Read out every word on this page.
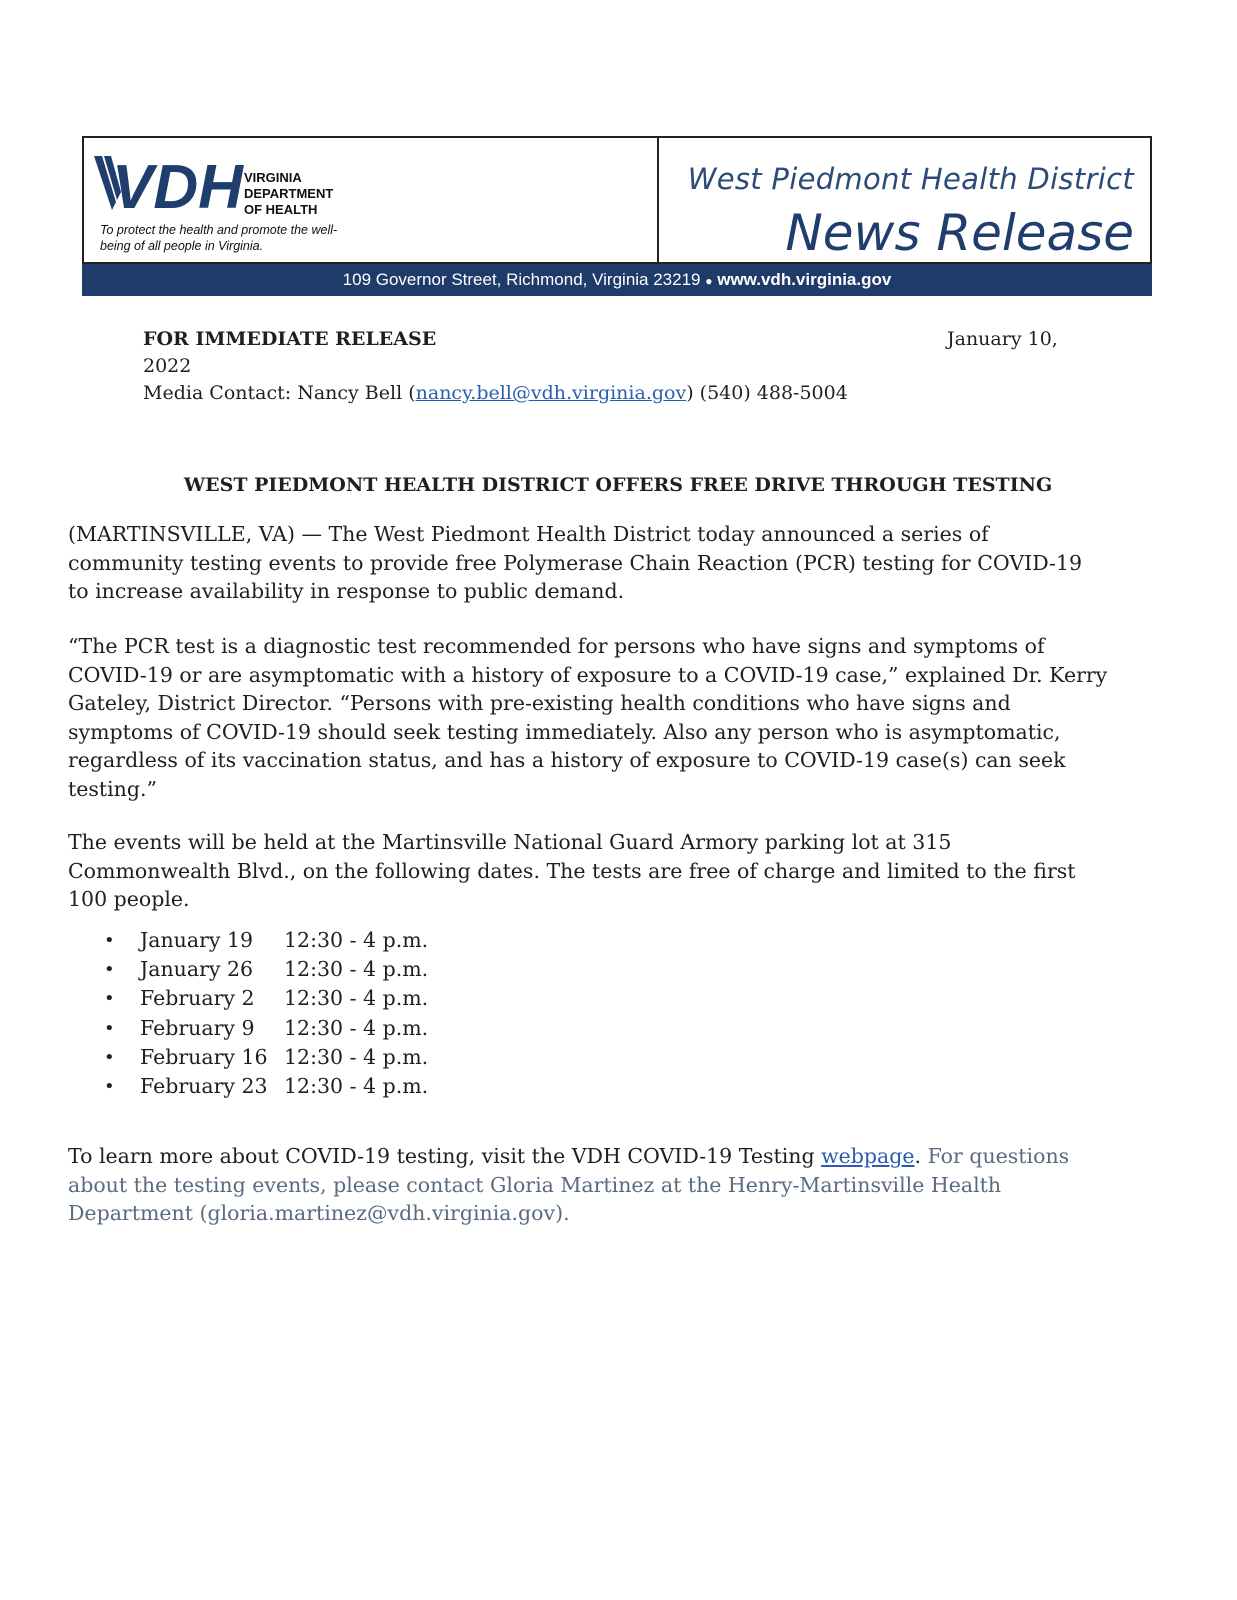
VDH VIRGINIA
DEPARTMENT
OF HEALTH
To protect the health and promote the well-being of all people in Virginia.
West Piedmont Health District
News Release
109 Governor Street, Richmond, Virginia 23219 ● www.vdh.virginia.gov
FOR IMMEDIATE RELEASE
2022
Media Contact: Nancy Bell (nancy.bell@vdh.virginia.gov) (540) 488-5004
January 10,
WEST PIEDMONT HEALTH DISTRICT OFFERS FREE DRIVE THROUGH TESTING

(MARTINSVILLE, VA) — The West Piedmont Health District today announced a series of community testing events to provide free Polymerase Chain Reaction (PCR) testing for COVID-19 to increase availability in response to public demand.

“The PCR test is a diagnostic test recommended for persons who have signs and symptoms of COVID-19 or are asymptomatic with a history of exposure to a COVID-19 case,” explained Dr. Kerry Gateley, District Director. “Persons with pre-existing health conditions who have signs and symptoms of COVID-19 should seek testing immediately. Also any person who is asymptomatic, regardless of its vaccination status, and has a history of exposure to COVID-19 case(s) can seek testing.”

The events will be held at the Martinsville National Guard Armory parking lot at 315 Commonwealth Blvd., on the following dates. The tests are free of charge and limited to the first 100 people.

•	January 19	12:30 - 4 p.m.
•	January 26	12:30 - 4 p.m.
•	February 2	12:30 - 4 p.m.
•	February 9	12:30 - 4 p.m.
•	February 16 12:30 - 4 p.m.
•	February 23 12:30 - 4 p.m.

To learn more about COVID-19 testing, visit the VDH COVID-19 Testing webpage. For questions about the testing events, please contact Gloria Martinez at the Henry-Martinsville Health Department (gloria.martinez@vdh.virginia.gov).
